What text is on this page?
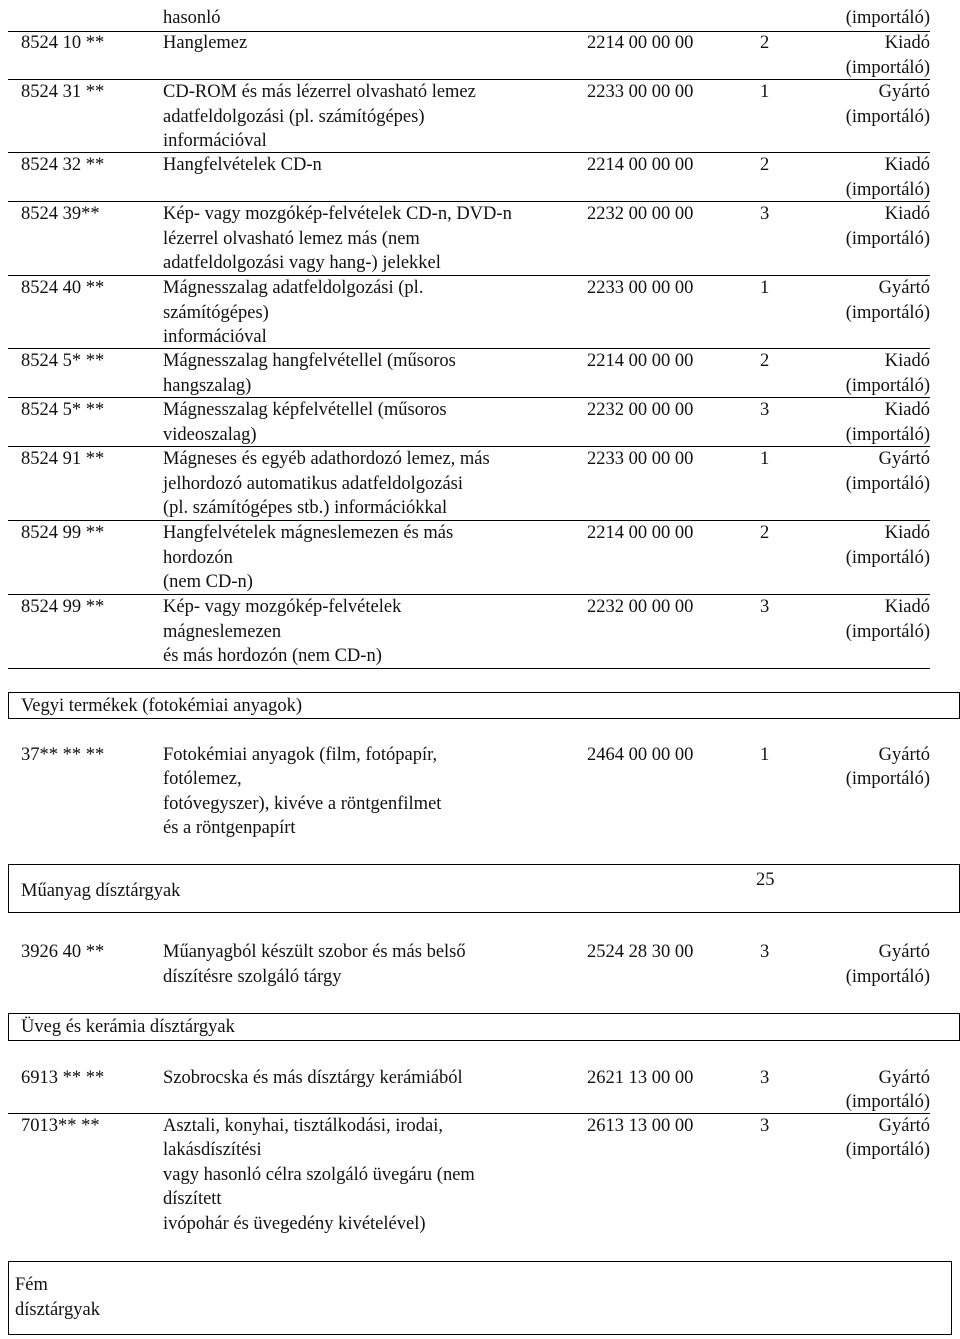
hasonló	(importáló)
8524 10 **	Hanglemez	2214 00 00 00	2	Kiadó
(importáló)
8524 31 **	CD-ROM és más lézerrel olvasható lemez
adatfeldolgozási (pl. számítógépes)
információval
2233 00 00 00	1	Gyártó
(importáló)
8524 32 **	Hangfelvételek CD-n	2214 00 00 00	2	Kiadó
(importáló)
8524 39**	Kép- vagy mozgókép-felvételek CD-n, DVD-n
lézerrel olvasható lemez más (nem
adatfeldolgozási vagy hang-) jelekkel
2232 00 00 00	3	Kiadó
(importáló)
8524 40 **	Mágnesszalag adatfeldolgozási (pl.
számítógépes)
információval
2233 00 00 00	1	Gyártó
(importáló)
8524 5* **	Mágnesszalag hangfelvétellel (műsoros
hangszalag)
2214 00 00 00	2	Kiadó
(importáló)
8524 5* **	Mágnesszalag képfelvétellel (műsoros
videoszalag)
2232 00 00 00	3	Kiadó
(importáló)
8524 91 **	Mágneses és egyéb adathordozó lemez, más
jelhordozó automatikus adatfeldolgozási
(pl. számítógépes stb.) információkkal
2233 00 00 00	1	Gyártó
(importáló)
8524 99 **	Hangfelvételek mágneslemezen és más
hordozón
(nem CD-n)
2214 00 00 00	2	Kiadó
(importáló)
8524 99 **	Kép- vagy mozgókép-felvételek
mágneslemezen
és más hordozón (nem CD-n)
2232 00 00 00	3	Kiadó
(importáló)
Vegyi termékek (fotokémiai anyagok)
37** ** **	Fotokémiai anyagok (film, fotópapír,
fotólemez,
fotóvegyszer), kivéve a röntgenfilmet
és a röntgenpapírt
2464 00 00 00	1	Gyártó
(importáló)
Műanyag dísztárgyak
25
3926 40 **	Műanyagból készült szobor és más belső
díszítésre szolgáló tárgy
2524 28 30 00	3	Gyártó
(importáló)
Üveg és kerámia dísztárgyak
6913 ** **	Szobrocska és más dísztárgy kerámiából	2621 13 00 00	3	Gyártó
(importáló)
7013** **	Asztali, konyhai, tisztálkodási, irodai,
lakásdíszítési
vagy hasonló célra szolgáló üvegáru (nem
díszített
ivópohár és üvegedény kivételével)
2613 13 00 00	3	Gyártó
(importáló)
Fém
dísztárgyak
